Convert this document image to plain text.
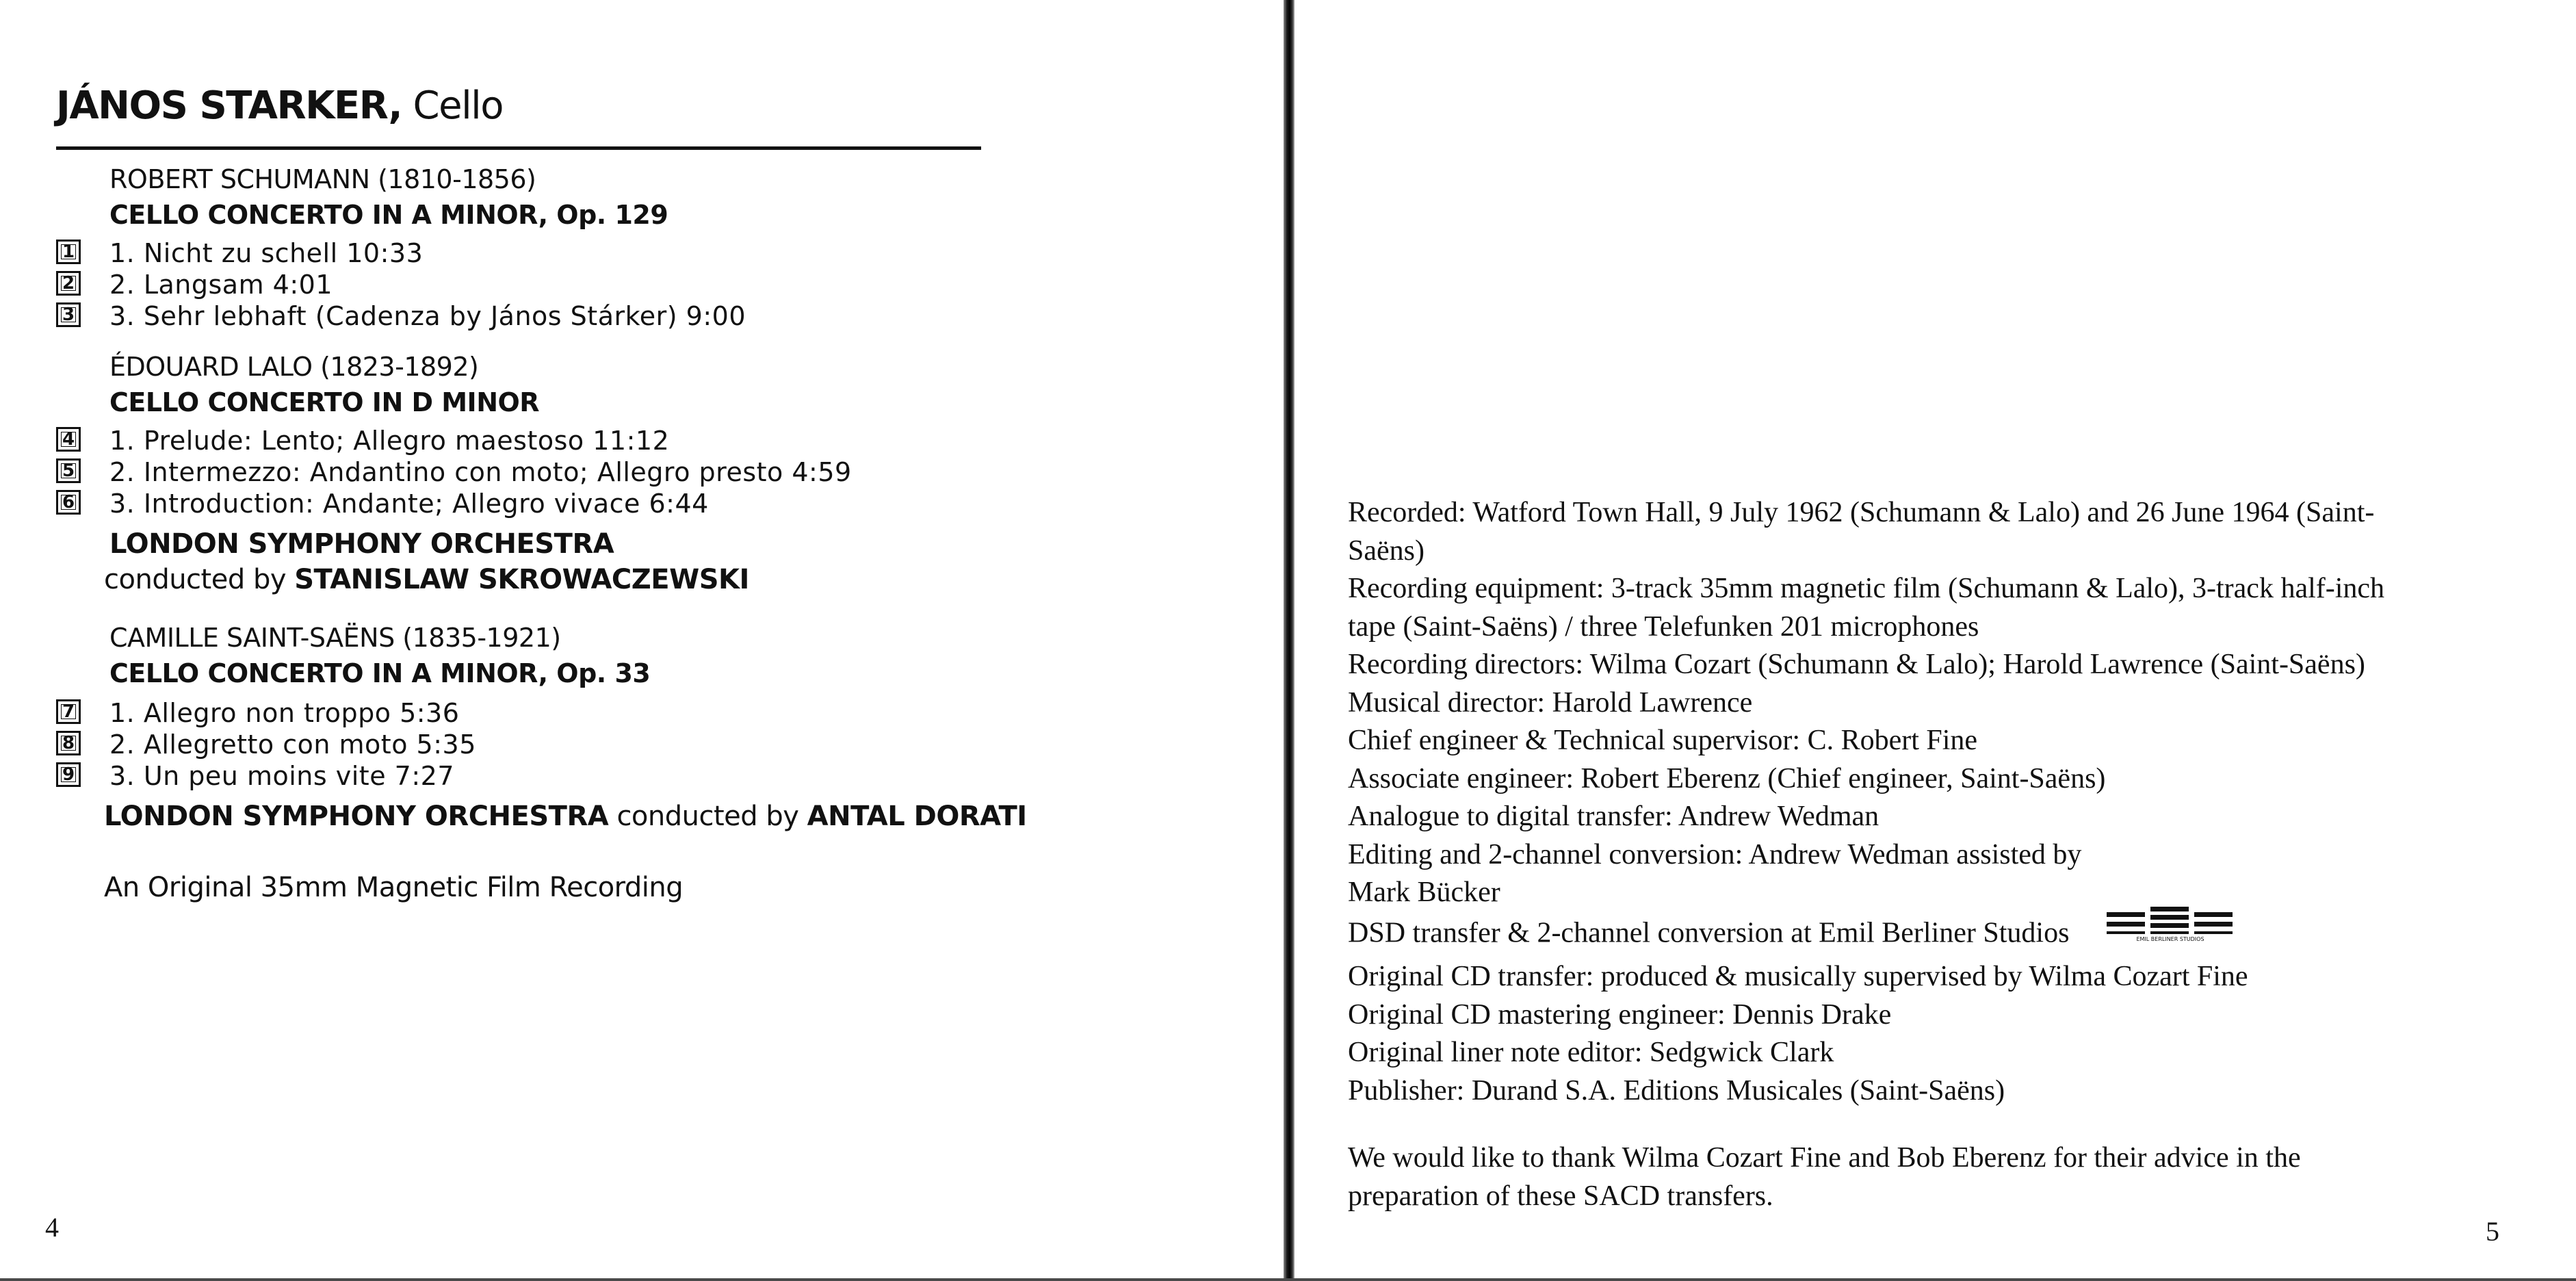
JÁNOS STARKER, Cello
ROBERT SCHUMANN (1810-1856)
CELLO CONCERTO IN A MINOR, Op. 129
1 1. Nicht zu schell 10:33
2 2. Langsam 4:01
3 3. Sehr lebhaft (Cadenza by János Stárker) 9:00
ÉDOUARD LALO (1823-1892)
CELLO CONCERTO IN D MINOR
4 1. Prelude: Lento; Allegro maestoso 11:12
5 2. Intermezzo: Andantino con moto; Allegro presto 4:59
6 3. Introduction: Andante; Allegro vivace 6:44
LONDON SYMPHONY ORCHESTRA
conducted by STANISLAW SKROWACZEWSKI
CAMILLE SAINT-SAËNS (1835-1921)
CELLO CONCERTO IN A MINOR, Op. 33
7 1. Allegro non troppo 5:36
8 2. Allegretto con moto 5:35
9 3. Un peu moins vite 7:27
LONDON SYMPHONY ORCHESTRA conducted by ANTAL DORATI
An Original 35mm Magnetic Film Recording
4
Recorded: Watford Town Hall, 9 July 1962 (Schumann & Lalo) and 26 June 1964 (Saint-
Saëns)
Recording equipment: 3-track 35mm magnetic film (Schumann & Lalo), 3-track half-inch
tape (Saint-Saëns) / three Telefunken 201 microphones
Recording directors: Wilma Cozart (Schumann & Lalo); Harold Lawrence (Saint-Saëns)
Musical director: Harold Lawrence
Chief engineer & Technical supervisor: C. Robert Fine
Associate engineer: Robert Eberenz (Chief engineer, Saint-Saëns)
Analogue to digital transfer: Andrew Wedman
Editing and 2-channel conversion: Andrew Wedman assisted by
Mark Bücker
DSD transfer & 2-channel conversion at Emil Berliner Studios	EMIL BERLINER STUDIOS
Original CD transfer: produced & musically supervised by Wilma Cozart Fine
Original CD mastering engineer: Dennis Drake
Original liner note editor: Sedgwick Clark
Publisher: Durand S.A. Editions Musicales (Saint-Saëns)
We would like to thank Wilma Cozart Fine and Bob Eberenz for their advice in the
preparation of these SACD transfers.
5
